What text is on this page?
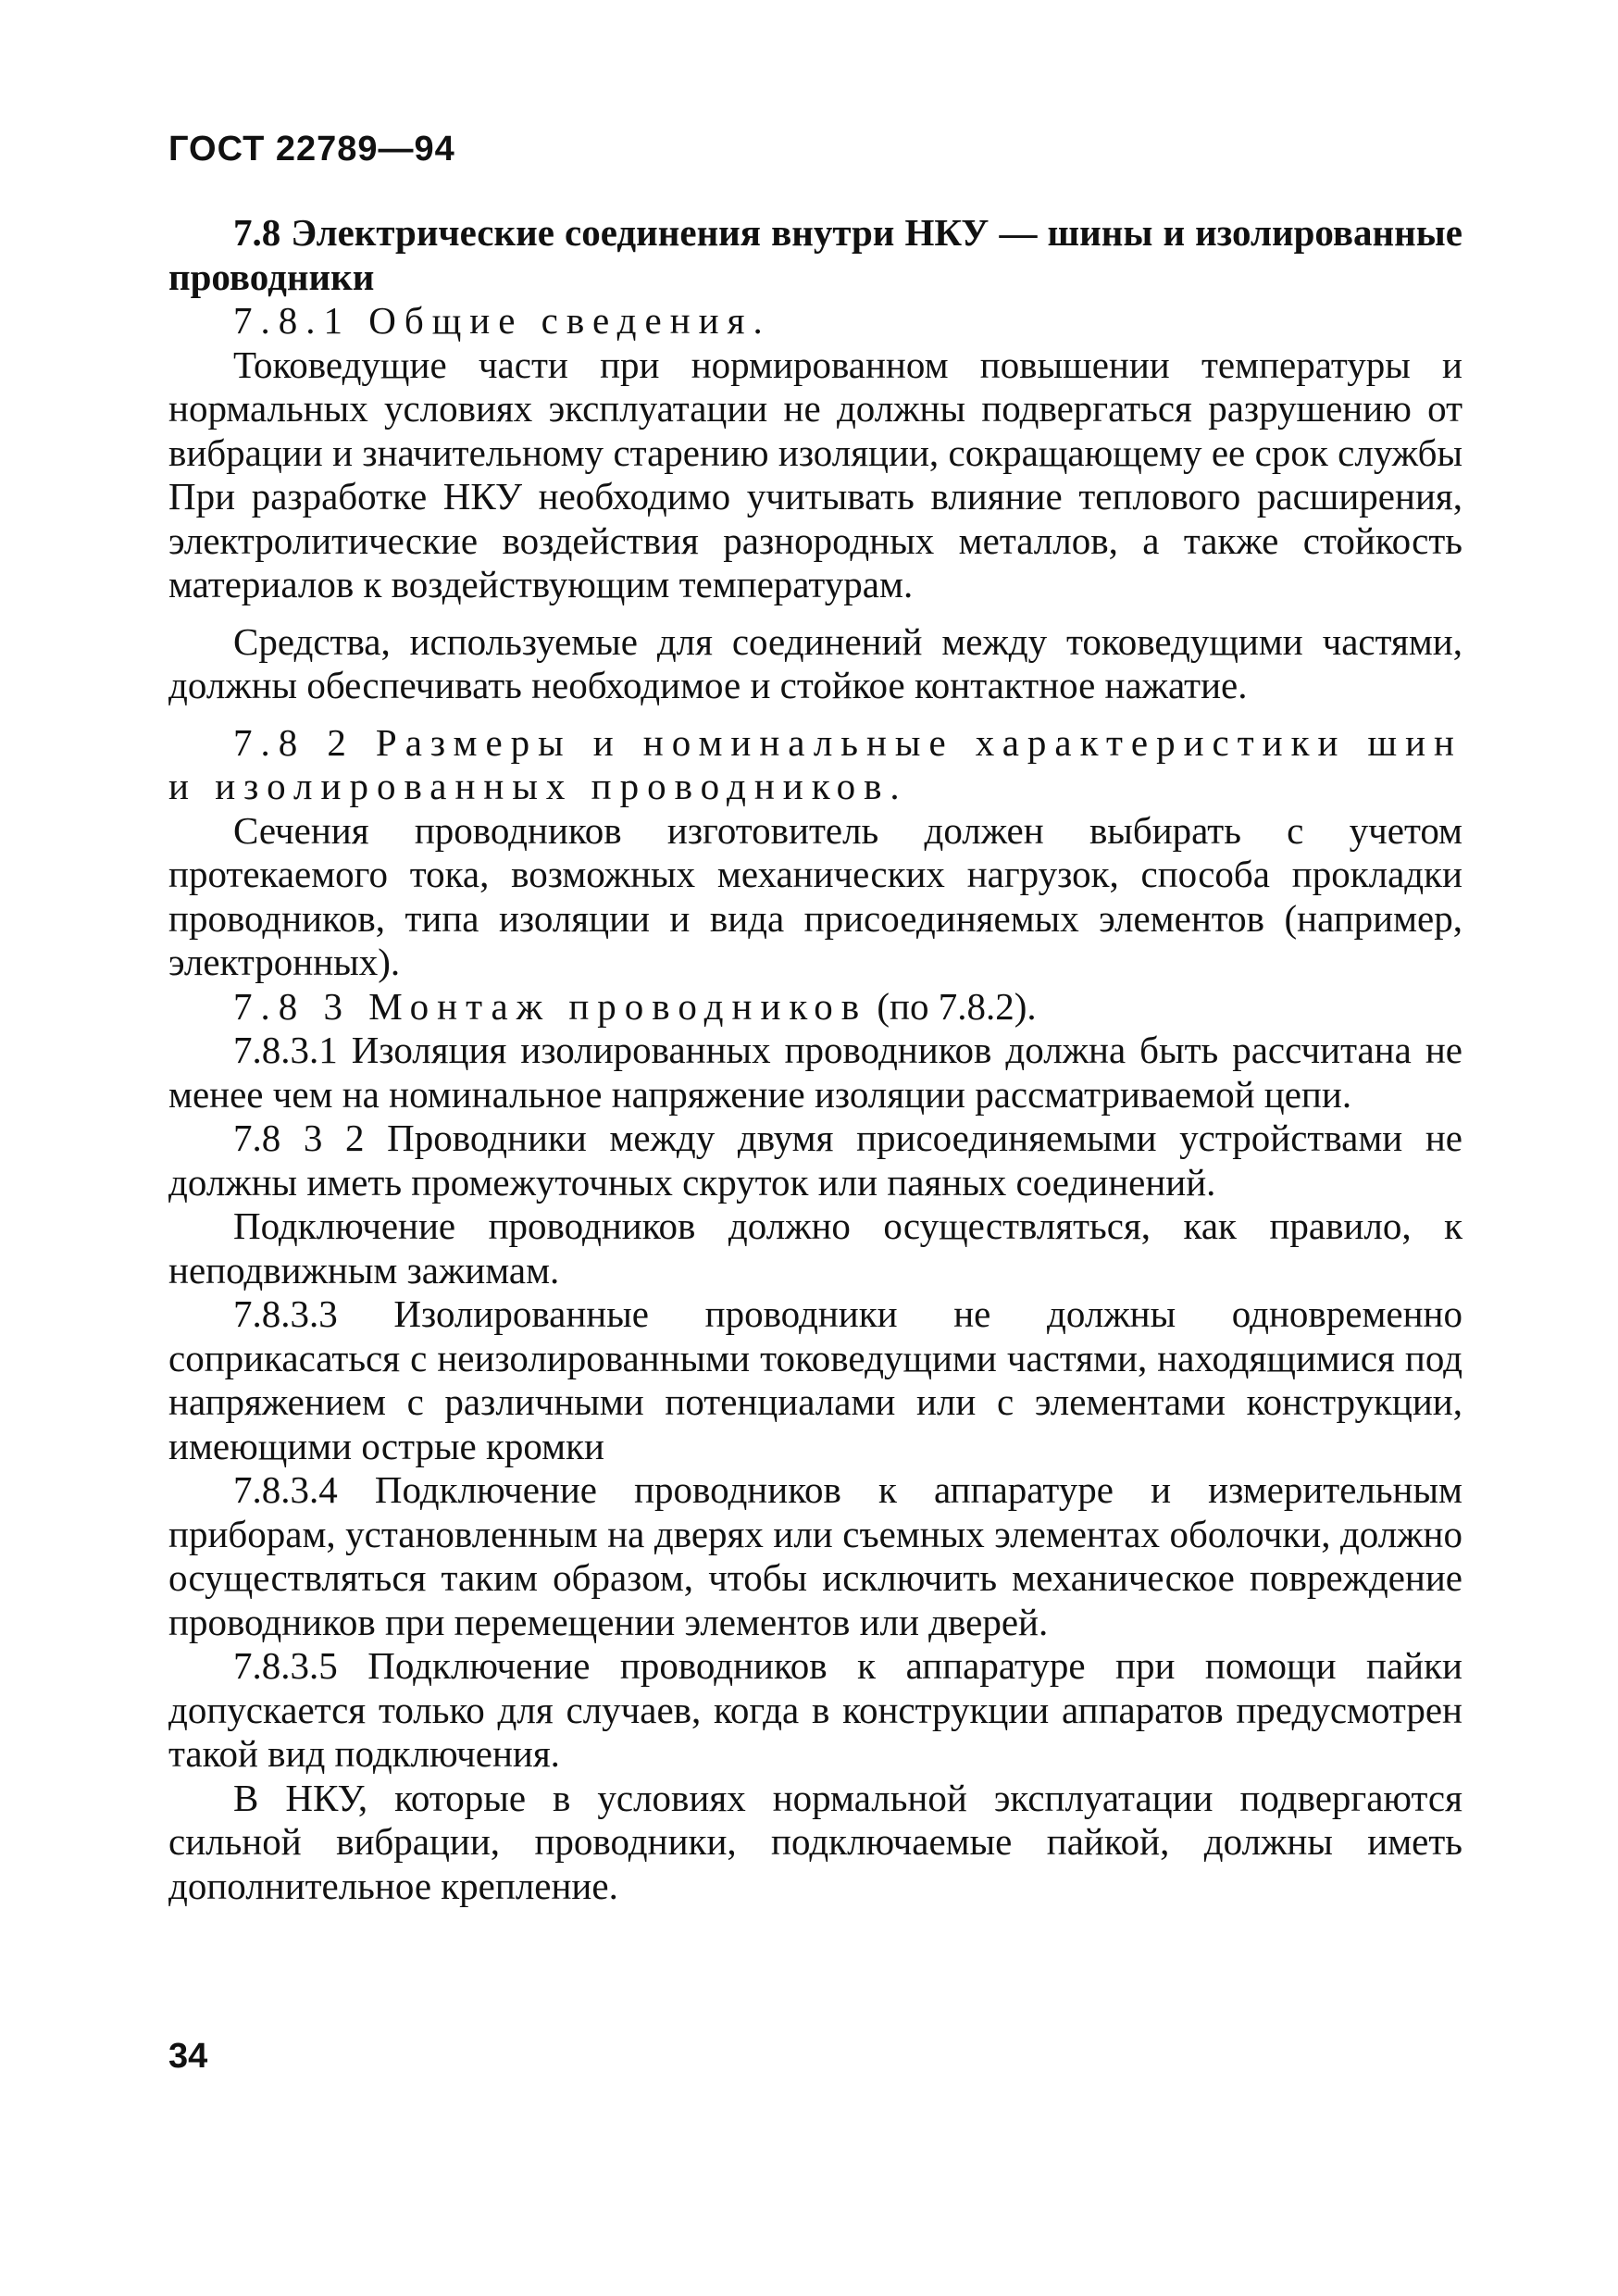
ГОСТ 22789—94

7.8 Электрические соединения внутри НКУ — шины и изолированные проводники

7.8.1 Общие сведения.

Токоведущие части при нормированном повышении температуры и нормальных условиях эксплуатации не должны подвергаться разрушению от вибрации и значительному старению изоляции, сокращающему ее срок службы При разработке НКУ необходимо учитывать влияние теплового расширения, электролитические воздействия разнородных металлов, а также стойкость материалов к воздействующим температурам.

Средства, используемые для соединений между токоведущими частями, должны обеспечивать необходимое и стойкое контактное нажатие.

7.8 2 Размеры и номинальные характеристики шин и изолированных проводников.

Сечения проводников изготовитель должен выбирать с учетом протекаемого тока, возможных механических нагрузок, способа прокладки проводников, типа изоляции и вида присоединяемых элементов (например, электронных).

7.8 3 Монтаж проводников (по 7.8.2).

7.8.3.1 Изоляция изолированных проводников должна быть рассчитана не менее чем на номинальное напряжение изоляции рассматриваемой цепи.

7.8 3 2 Проводники между двумя присоединяемыми устройствами не должны иметь промежуточных скруток или паяных соединений.

Подключение проводников должно осуществляться, как правило, к неподвижным зажимам.

7.8.3.3 Изолированные проводники не должны одновременно соприкасаться с неизолированными токоведущими частями, находящимися под напряжением с различными потенциалами или с элементами конструкции, имеющими острые кромки

7.8.3.4 Подключение проводников к аппаратуре и измерительным приборам, установленным на дверях или съемных элементах оболочки, должно осуществляться таким образом, чтобы исключить механическое повреждение проводников при перемещении элементов или дверей.

7.8.3.5 Подключение проводников к аппаратуре при помощи пайки допускается только для случаев, когда в конструкции аппаратов предусмотрен такой вид подключения.

В НКУ, которые в условиях нормальной эксплуатации подвергаются сильной вибрации, проводники, подключаемые пайкой, должны иметь дополнительное крепление.

34
